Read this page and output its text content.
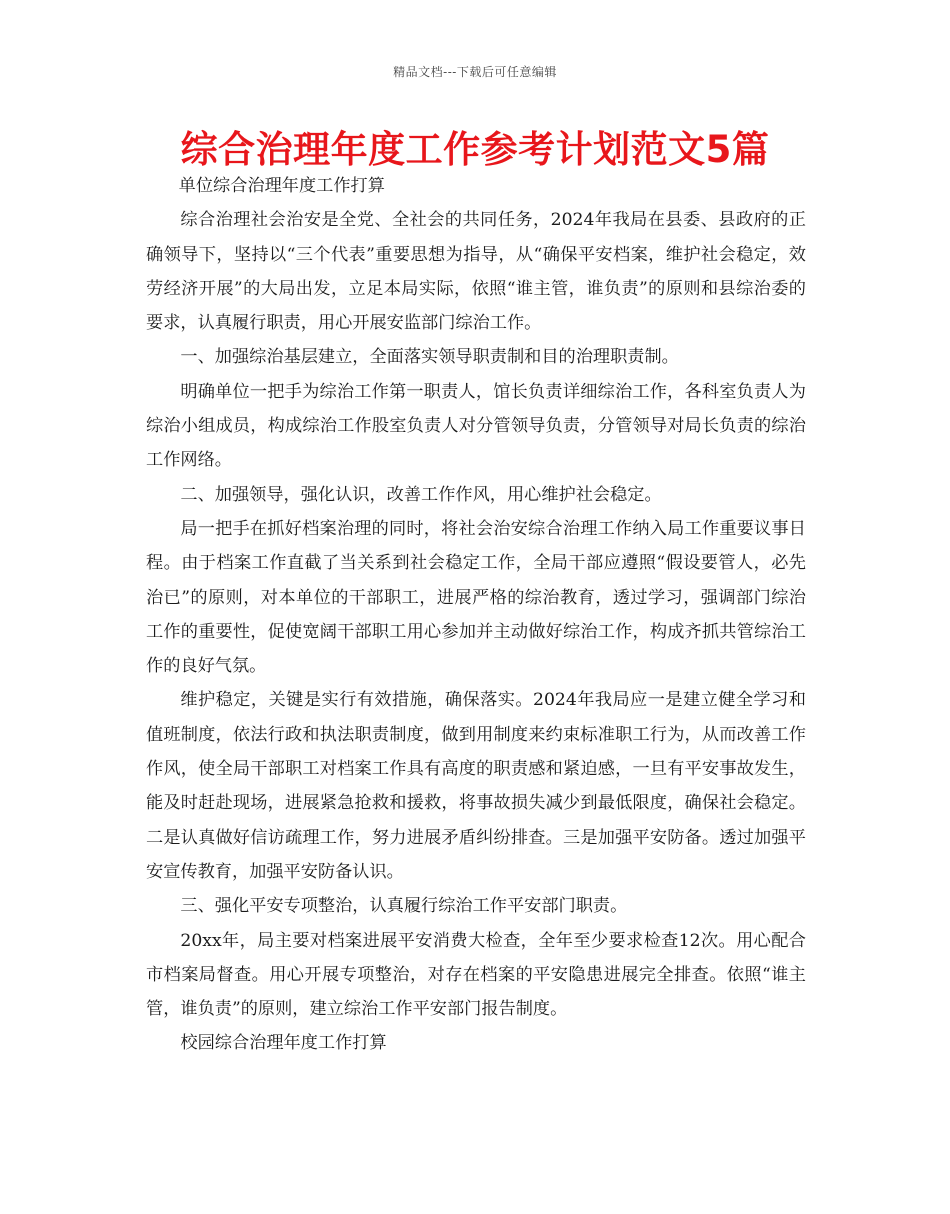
精品文档---下载后可任意编辑
综合治理年度工作参考计划范文5篇

单位综合治理年度工作打算

综合治理社会治安是全党、全社会的共同任务，2024年我局在县委、县政府的正确领导下，坚持以“三个代表”重要思想为指导，从“确保平安档案，维护社会稳定，效劳经济开展”的大局出发，立足本局实际，依照“谁主管，谁负责”的原则和县综治委的要求，认真履行职责，用心开展安监部门综治工作。

一、加强综治基层建立，全面落实领导职责制和目的治理职责制。

明确单位一把手为综治工作第一职责人，馆长负责详细综治工作，各科室负责人为综治小组成员，构成综治工作股室负责人对分管领导负责，分管领导对局长负责的综治工作网络。

二、加强领导，强化认识，改善工作作风，用心维护社会稳定。

局一把手在抓好档案治理的同时，将社会治安综合治理工作纳入局工作重要议事日程。由于档案工作直截了当关系到社会稳定工作，全局干部应遵照“假设要管人，必先治已”的原则，对本单位的干部职工，进展严格的综治教育，透过学习，强调部门综治工作的重要性，促使宽阔干部职工用心参加并主动做好综治工作，构成齐抓共管综治工作的良好气氛。

维护稳定，关键是实行有效措施，确保落实。2024年我局应一是建立健全学习和值班制度，依法行政和执法职责制度，做到用制度来约束标准职工行为，从而改善工作作风，使全局干部职工对档案工作具有高度的职责感和紧迫感，一旦有平安事故发生，能及时赶赴现场，进展紧急抢救和援救，将事故损失减少到最低限度，确保社会稳定。二是认真做好信访疏理工作，努力进展矛盾纠纷排查。三是加强平安防备。透过加强平安宣传教育，加强平安防备认识。

三、强化平安专项整治，认真履行综治工作平安部门职责。

20xx年，局主要对档案进展平安消费大检查，全年至少要求检查12次。用心配合市档案局督查。用心开展专项整治，对存在档案的平安隐患进展完全排查。依照“谁主管，谁负责”的原则，建立综治工作平安部门报告制度。

校园综合治理年度工作打算
